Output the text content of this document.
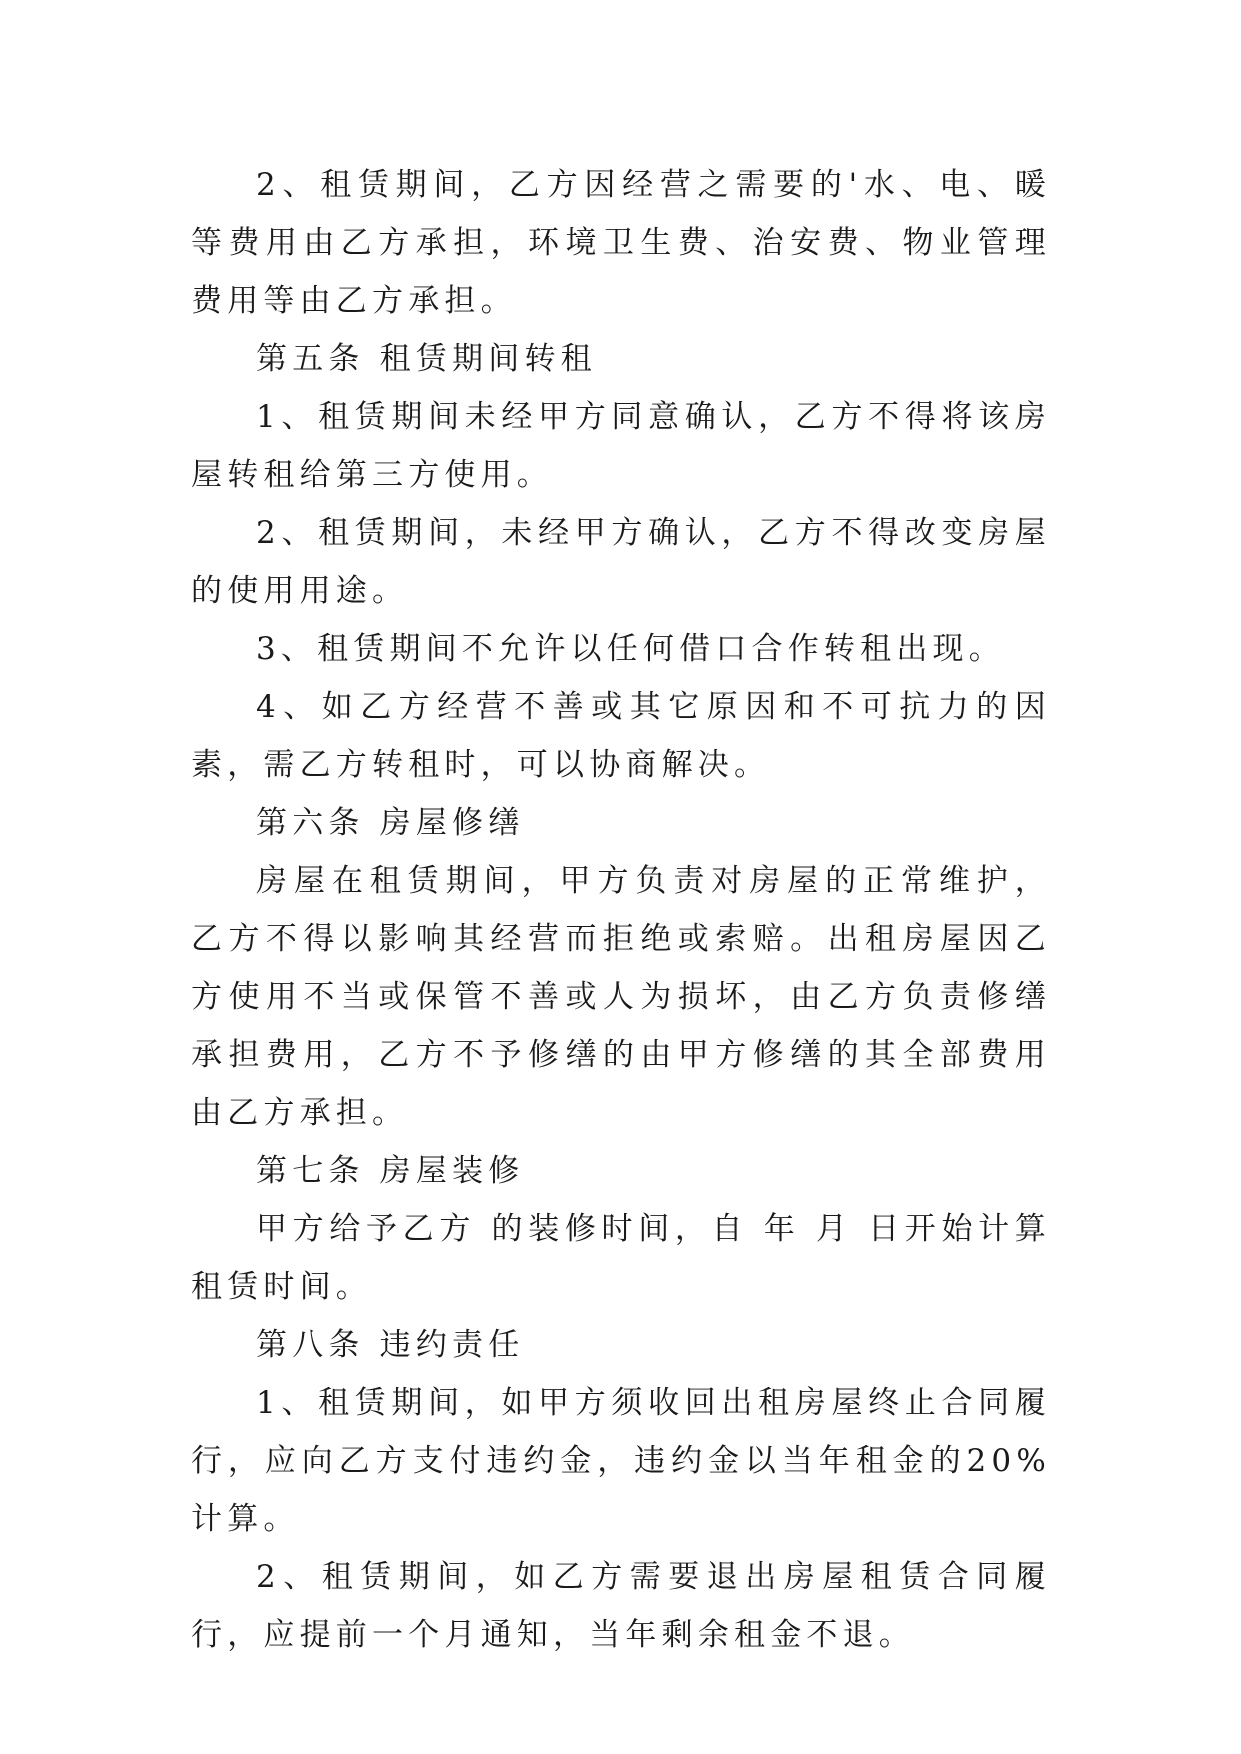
2、租赁期间，乙方因经营之需要的'水、电、暖等费用由乙方承担，环境卫生费、治安费、物业管理费用等由乙方承担。

第五条 租赁期间转租

1、租赁期间未经甲方同意确认，乙方不得将该房屋转租给第三方使用。

2、租赁期间，未经甲方确认，乙方不得改变房屋的使用用途。

3、租赁期间不允许以任何借口合作转租出现。

4、如乙方经营不善或其它原因和不可抗力的因素，需乙方转租时，可以协商解决。

第六条 房屋修缮

房屋在租赁期间，甲方负责对房屋的正常维护，乙方不得以影响其经营而拒绝或索赔。出租房屋因乙方使用不当或保管不善或人为损坏，由乙方负责修缮承担费用，乙方不予修缮的由甲方修缮的其全部费用由乙方承担。

第七条 房屋装修

甲方给予乙方 的装修时间，自 年 月 日开始计算租赁时间。

第八条 违约责任

1、租赁期间，如甲方须收回出租房屋终止合同履行，应向乙方支付违约金，违约金以当年租金的20%计算。

2、租赁期间，如乙方需要退出房屋租赁合同履行，应提前一个月通知，当年剩余租金不退。
